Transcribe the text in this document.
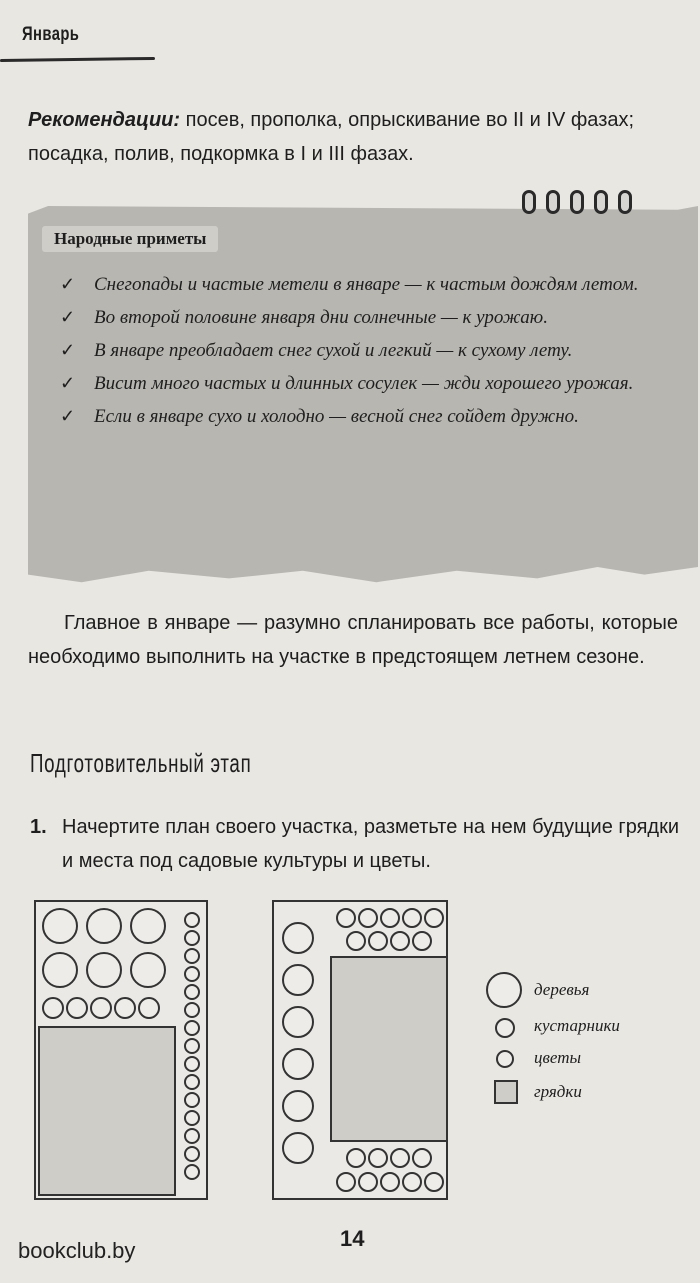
Январь
Рекомендации: посев, прополка, опрыскивание во II и IV фазах; посадка, полив, подкормка в I и III фазах.
Народные приметы
✓ Снегопады и частые метели в январе — к частым дождям летом.
✓ Во второй половине января дни солнечные — к урожаю.
✓ В январе преобладает снег сухой и легкий — к сухому лету.
✓ Висит много частых и длинных сосулек — жди хорошего урожая.
✓ Если в январе сухо и холодно — весной снег сойдет дружно.
Главное в январе — разумно спланировать все работы, которые необходимо выполнить на участке в предстоящем летнем сезоне.
Подготовительный этап
1. Начертите план своего участка, разметьте на нем будущие грядки и места под садовые культуры и цветы.
деревья
кустарники
цветы
грядки
14
bookclub.by
